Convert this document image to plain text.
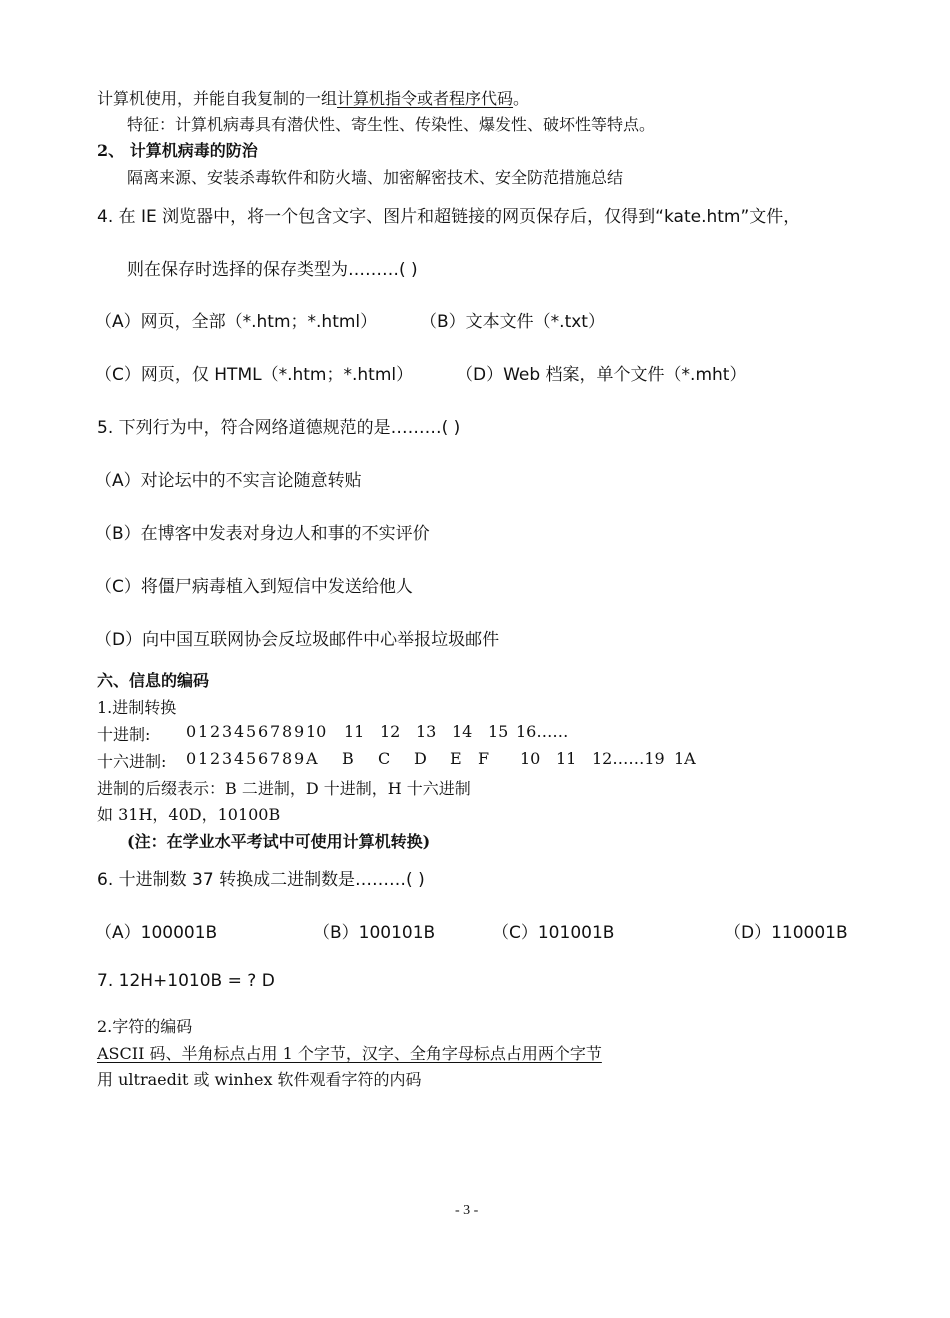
计算机使用，并能自我复制的一组计算机指令或者程序代码。
特征：计算机病毒具有潜伏性、寄生性、传染性、爆发性、破坏性等特点。
2、 计算机病毒的防治
隔离来源、安装杀毒软件和防火墙、加密解密技术、安全防范措施总结
4. 在 IE 浏览器中，将一个包含文字、图片和超链接的网页保存后，仅得到“kate.htm”文件，
则在保存时选择的保存类型为………( )
（A）网页，全部（*.htm；*.html）	（B）文本文件（*.txt）
（C）网页，仅 HTML（*.htm；*.html）	（D）Web 档案，单个文件（*.mht）
5. 下列行为中，符合网络道德规范的是………( )
（A）对论坛中的不实言论随意转贴
（B）在博客中发表对身边人和事的不实评价
（C）将僵尸病毒植入到短信中发送给他人
（D）向中国互联网协会反垃圾邮件中心举报垃圾邮件
六、信息的编码
1.进制转换
十进制: 0 1 2 3 4 5 6 7 8 9 10 11 12 13 14 15 16……
十六进制: 0 1 2 3 4 5 6 7 8 9 A B C D E F 10 11 12……19 1A
进制的后缀表示：B 二进制，D 十进制，H 十六进制
如 31H，40D，10100B
(注：在学业水平考试中可使用计算机转换)
6. 十进制数 37 转换成二进制数是………( )
（A）100001B	（B）100101B	（C）101001B	（D）110001B
7. 12H+1010B = ? D
2.字符的编码
ASCII 码、半角标点占用 1 个字节，汉字、全角字母标点占用两个字节
用 ultraedit 或 winhex 软件观看字符的内码
- 3 -
